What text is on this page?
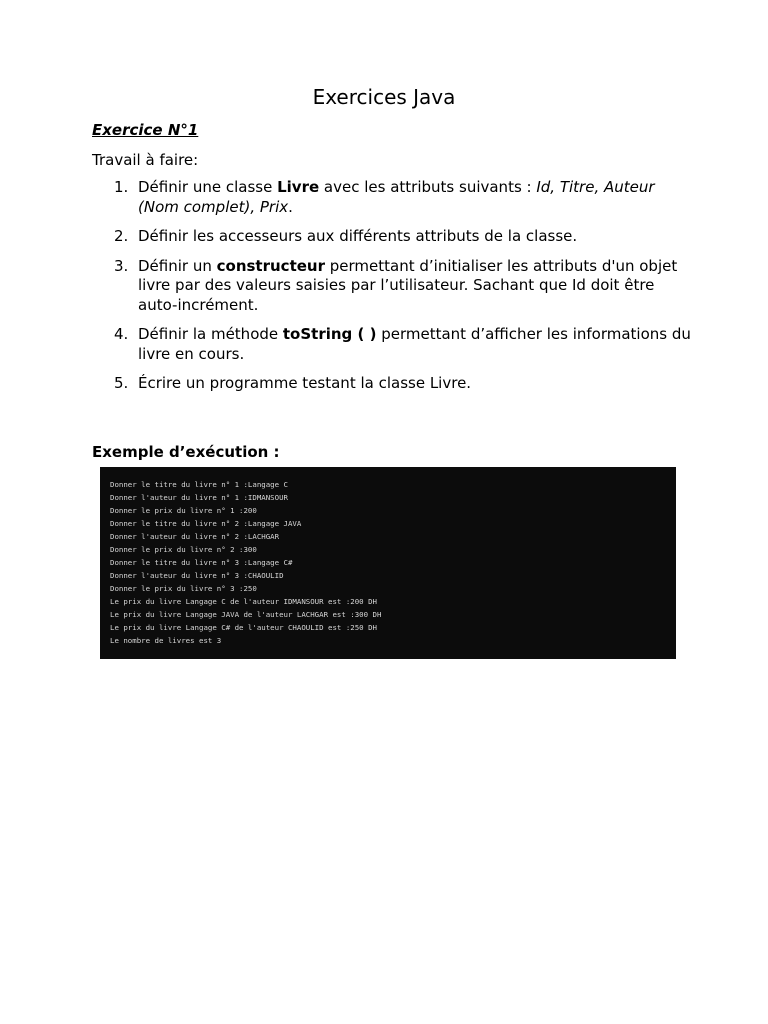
Exercices Java
Exercice N°1
Travail à faire:
1. Définir une classe Livre avec les attributs suivants : Id, Titre, Auteur (Nom complet), Prix.
2. Définir les accesseurs aux différents attributs de la classe.
3. Définir un constructeur permettant d’initialiser les attributs d'un objet livre par des valeurs saisies par l’utilisateur. Sachant que Id doit être auto-incrément.
4. Définir la méthode toString ( ) permettant d’afficher les informations du livre en cours.
5. Écrire un programme testant la classe Livre.
Exemple d’exécution :
Donner le titre du livre n° 1 :Langage C
Donner l'auteur du livre n° 1 :IDMANSOUR
Donner le prix du livre n° 1 :200
Donner le titre du livre n° 2 :Langage JAVA
Donner l'auteur du livre n° 2 :LACHGAR
Donner le prix du livre n° 2 :300
Donner le titre du livre n° 3 :Langage C#
Donner l'auteur du livre n° 3 :CHAOULID
Donner le prix du livre n° 3 :250
Le prix du livre Langage C de l'auteur IDMANSOUR est :200 DH
Le prix du livre Langage JAVA de l'auteur LACHGAR est :300 DH
Le prix du livre Langage C# de l'auteur CHAOULID est :250 DH
Le nombre de livres est 3
